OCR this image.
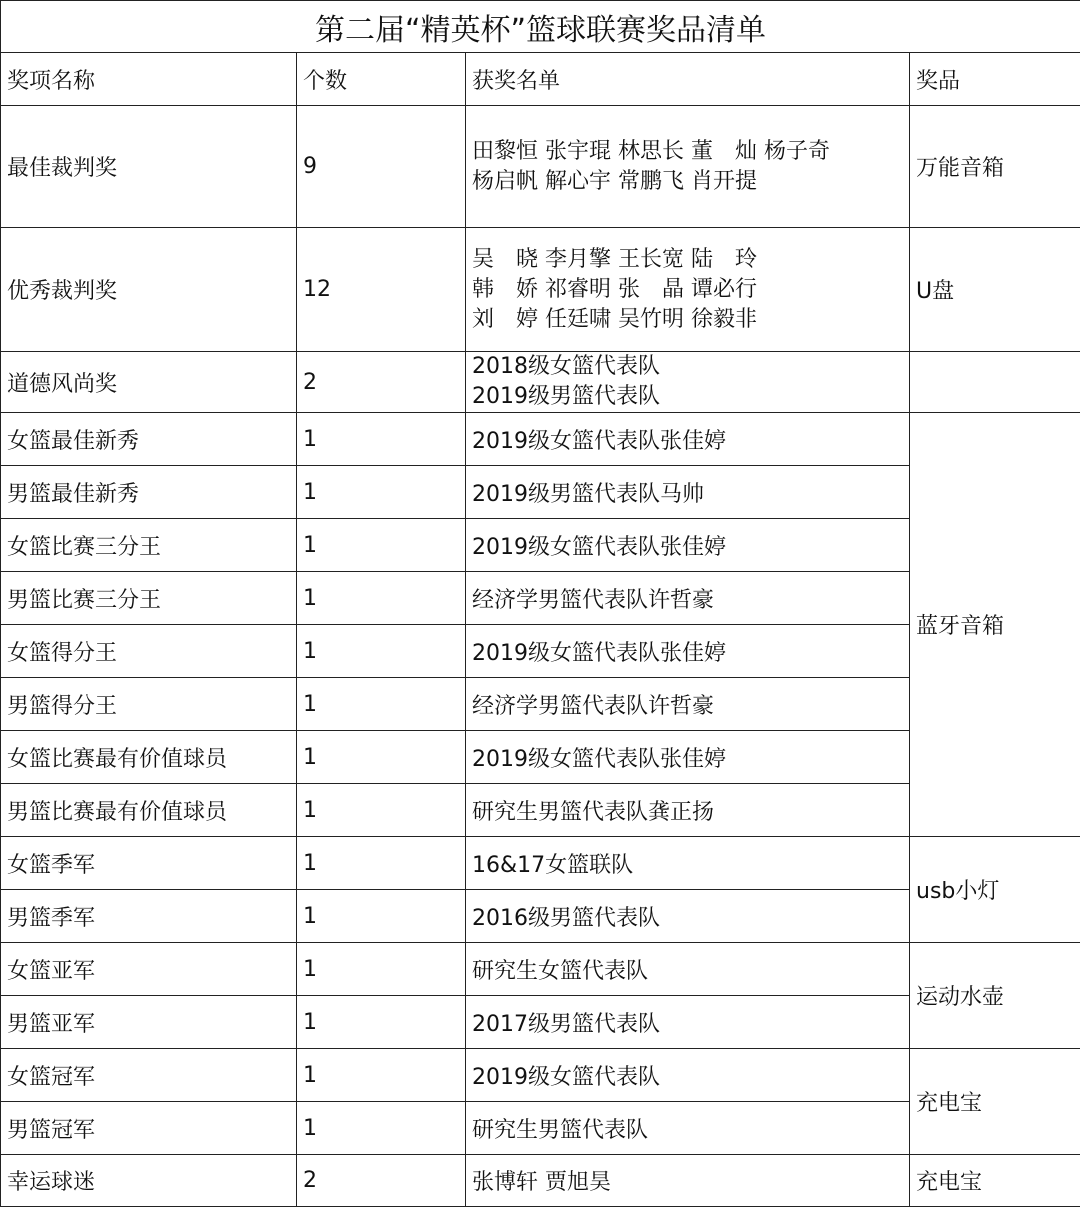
第二届“精英杯”篮球联赛奖品清单			
奖项名称	个数	获奖名单	奖品
最佳裁判奖	9	田黎恒 张宇琨 林思长 董　灿 杨子奇
杨启帆 解心宇 常鹏飞 肖开提	万能音箱
优秀裁判奖	12	吴　晓 李月擎 王长宽 陆　玲
韩　娇 祁睿明 张　晶 谭必行
刘　婷 任廷啸 吴竹明 徐毅非	U盘
道德风尚奖	2	2018级女篮代表队
2019级男篮代表队	

女篮最佳新秀	1	2019级女篮代表队张佳婷	蓝牙音箱
男篮最佳新秀	1	2019级男篮代表队马帅	
女篮比赛三分王	1	2019级女篮代表队张佳婷	
男篮比赛三分王	1	经济学男篮代表队许哲豪	
女篮得分王	1	2019级女篮代表队张佳婷	
男篮得分王	1	经济学男篮代表队许哲豪	
女篮比赛最有价值球员	1	2019级女篮代表队张佳婷	
男篮比赛最有价值球员	1	研究生男篮代表队龚正扬	
女篮季军	1	16&17女篮联队	usb小灯
男篮季军	1	2016级男篮代表队	
女篮亚军	1	研究生女篮代表队	运动水壶
男篮亚军	1	2017级男篮代表队	
女篮冠军	1	2019级女篮代表队	充电宝
男篮冠军	1	研究生男篮代表队	
幸运球迷	2	张博轩 贾旭昊	充电宝
